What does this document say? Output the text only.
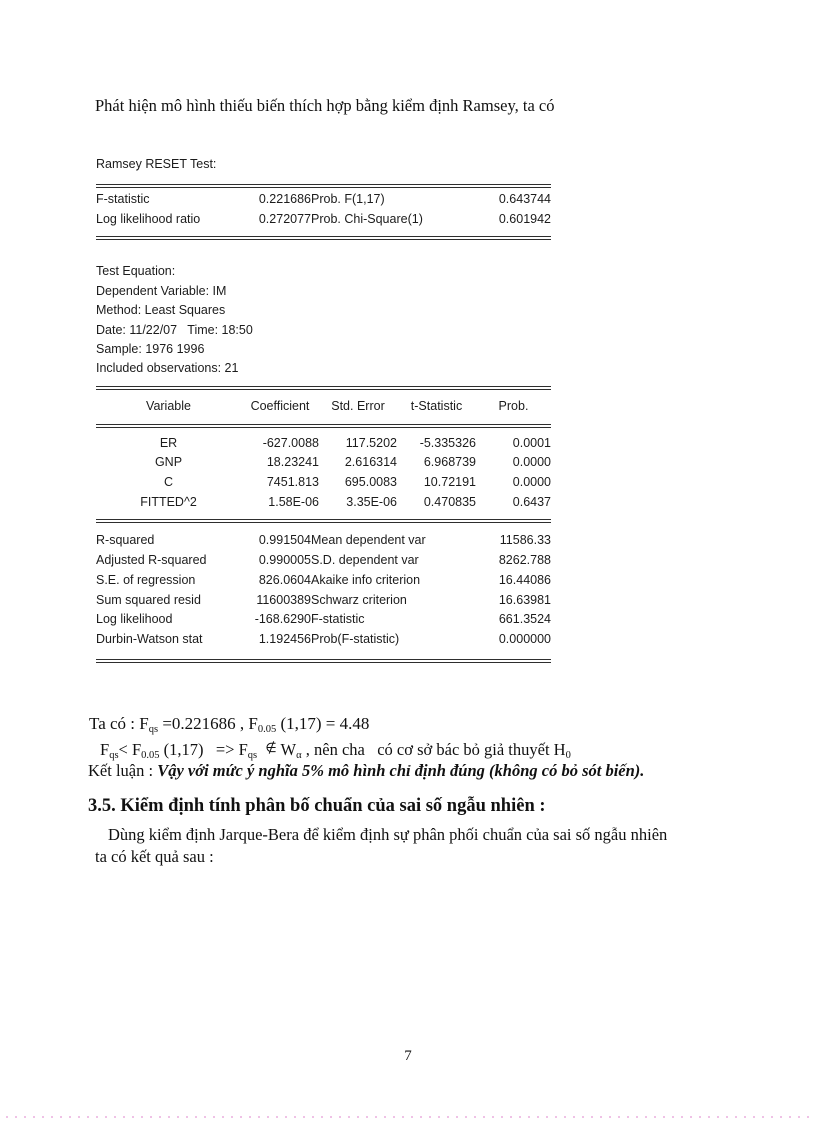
Phát hiện mô hình thiếu biến thích hợp bằng kiểm định Ramsey, ta có

Ramsey RESET Test:
F-statistic	0.221686	Prob. F(1,17)	0.643744
Log likelihood ratio	0.272077	Prob. Chi-Square(1)	0.601942
Test Equation:
Dependent Variable: IM
Method: Least Squares
Date: 11/22/07   Time: 18:50
Sample: 1976 1996
Included observations: 21
Variable	Coefficient	Std. Error	t-Statistic	Prob.
ER	-627.0088	117.5202	-5.335326	0.0001
GNP	18.23241	2.616314	6.968739	0.0000
C	7451.813	695.0083	10.72191	0.0000
FITTED^2	1.58E-06	3.35E-06	0.470835	0.6437
R-squared	0.991504	Mean dependent var	11586.33
Adjusted R-squared	0.990005	S.D. dependent var	8262.788
S.E. of regression	826.0604	Akaike info criterion	16.44086
Sum squared resid	11600389	Schwarz criterion	16.63981
Log likelihood	-168.6290	F-statistic	661.3524
Durbin-Watson stat	1.192456	Prob(F-statistic)	0.000000

Ta có : $F_{qs} =0.221686$ , $F_{0.05}$ (1,17) = 4.48

$F_{qs}< F_{0.05}$ $(1,17) => F_{qs}$  ∉ $W_\alpha$ , nên cha   có cơ sở bác bỏ giả thuyết $H_0$

Kết luận : Vậy với mức ý nghĩa 5% mô hình chỉ định đúng (không có bỏ sót biến).

3.5. Kiểm định tính phân bố chuẩn của sai số ngẫu nhiên :

Dùng kiểm định Jarque-Bera để kiểm định sự phân phối chuẩn của sai số ngẫu nhiên

ta có kết quả sau :

7
